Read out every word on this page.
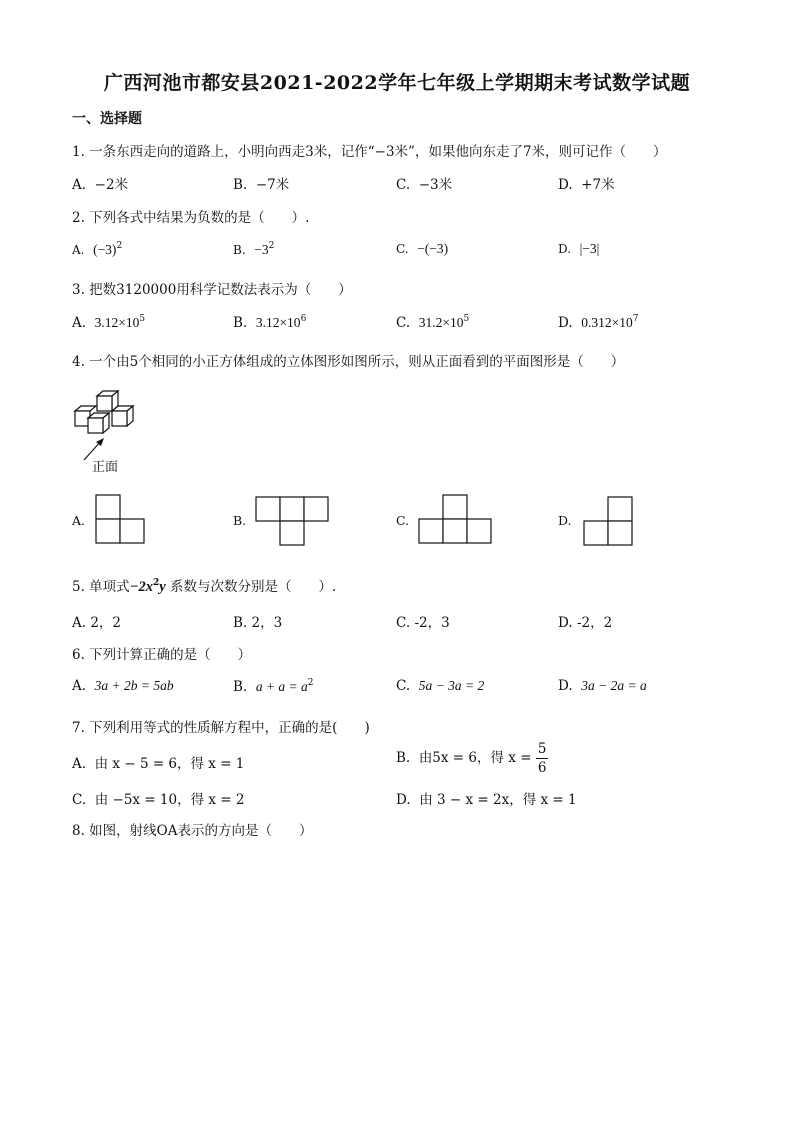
广西河池市都安县2021-2022学年七年级上学期期末考试数学试题
一、选择题
1. 一条东西走向的道路上，小明向西走3米，记作“−3米”，如果他向东走了7米，则可记作（　　）
A. −2米	B. −7米	C. −3米	D. +7米
2. 下列各式中结果为负数的是（　　）.
A. $(-3)^2$	B. $-3^2$	C. −(−3)	D. |−3|
3. 把数3120000用科学记数法表示为（　　）
A. $3.12\times 10^5$	B. $3.12\times 10^6$	C. $31.2\times 10^5$	D. $0.312\times 10^7$
4. 一个由5个相同的小正方体组成的立体图形如图所示，则从正面看到的平面图形是（　　）
正面
A.	B.	C.	D.
5. 单项式$-2x^2y$ 系数与次数分别是（　　）.
A. 2，2	B. 2，3	C. -2，3	D. -2，2
6. 下列计算正确的是（　　）
A. 3a + 2b = 5ab	B. $a + a = a^2$	C. 5a − 3a = 2	D. 3a − 2a = a
7. 下列利用等式的性质解方程中，正确的是(　　)
A. 由 x − 5 = 6，得 x = 1	B. 由5x = 6，得 $x = \frac{5}{6}$
C. 由 −5x = 10，得 x = 2	D. 由 3 − x = 2x，得 x = 1
8. 如图，射线OA表示的方向是（　　）
